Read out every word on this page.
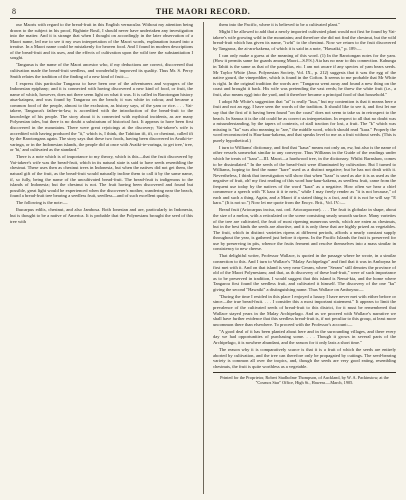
8	THE MAORI RECORD.

our Maoris with regard to the bread-fruit in this English vernacular. Without my attention being drawn to the subject in his proof, Bighinie Bosil, I should never have undertaken any investigation into the matter. And it is strange that when I thought on accordingly in the later observation of a Maori name, led me to see it my own interpretation of the Maori words, explanation issued into a treatise. In a Maori name could be mistakenly for heaven food. And I found in modern descriptions of the bread-fruit and its uses, and the effects of cultivation upon the wild tree the substantiation I sought.

'Tangarua is the name of the Maori ancestor who, if my deductions are correct, discovered that cultivation made the bread-fruit seedless, and wonderfully improved its quality. Thus Mr. S. Percy Smith relates the tradition of the finding of a new kind of fruit:—

I express this particular Tangaroa to have been one of the adventurers and voyagers of the Indonesian epiphany; and it is connected with having discovered a new kind of food, or fruit, the name of which, however, does not there seem light on what it was. It is called in Rarotongan history atua-kaiapea, and was found by Tangaroa on the beach; it was white in colour, and became a common food of the people, almost to the exclusion, as history says, of the yam or rice. . . . Vai-takere, Tangaroa's father-in-law, is accredited with the introduction of the bread-fruit to the knowledge of his people. The story about it is connected with mythical incidents, as are many Polynesian tales, but there is no doubt a substratum of historical fact. It appears to have been first discovered in the mountains. There were great rejoicings at the discovery; Vai-takere's wife is accredited with having produced the "ii," which is, I think, the Tahitian ifi, ifi, or chestnut, called ifi by the Rarotongans again. The story says that these two foods, having been discovered in Avaiki-te-varinga, or in the Indonesian islands, the people did at once with Avaiki-te-varinga, to get tree,' tree, or 'bi,' and cultivated as the standard."

There is a note which is of importance to my theory, which is this—that the fruit discovered by Vai-takere's wife was the bread-fruit, which in its natural state is said to have seeds resembling the chestnut. These uses then as chestnut trees in Indonesia, but when the natives did not get them, the natural gift of the fruit, as the bread-fruit would naturally incline them to call it by the same name, if, so fully, being the name of the uncultivated bread-fruit. The bread-fruit is indigenous to the islands of Indonesia; but the chestnut is not. The fruit having been discovered and found but possible, great light would be experienced when the discoverer's mother, wandering near the beach, found a bread-fruit tree bearing a seedless fruit, seedless—and of such excellent quality.

The following is the note:—

Ihucarpus edilis, chestnut, and also Jambosa. Both Ionesian and are, particularly in Indonesia, but is thought to be a native of America. It is probable that the Polynesians brought the seed of this tree with

them into the Pacific, where it is believed to be a cultivated plant."

Might I be allowed to add that a newly imported cultivated plant would not first be found by Vai-takere's wife growing wild in the mountains; and therefore she did not find the chestnut, but the wild bread-fruit which has given its name, "iwhi" to the chestnut. Now we return to the fruit discovered by Tangaroa, the ai-ara-kakena, of which it is said in a note, "Hawaiki," p. 189:—

I can only make a guess at the meaning of this word. (1) In the Rarotongan notes for the yam. (How it permits same for guards among Maori—S.P.S.) Aia has no near to this connection. Kahunga in Tahiti is the same as that of the pamplias, etc. I am not aware if any species of yam bears seeds. Mr Taylor White (Jour. Polynesian Society, Vol. IX., p. 212) suggests that it was the egg of the native gourd, the vinepeddier, which is found in the Cofton. It seems to me probable that Mr White is right. In the original tradition the words are: "Tangaroa went away and found a new thing on the coast and brought it back. His wife was pretending the vast reeds; he threw the white fruit (i.e., a fruit, also means egg) into the yard, and it therefore became a principal food of that household."

I adopt Mr White's suggestion that "ai" is really "kua," but my contention is that it means here a fruit and not an egg. I have seen the words of the tradition. It should like to see it, and first let me say that the first of it having been found "on the coast" does not seem to take us in retrospect to the beach. In Samoa it is the old could be as correct as interpretation. In respect to all that no doubt was a misunderstanding, by the tapers of contexts, of stall traction for lost, a fruit. The "k" which was missing is "ka" was also meaning to "are," the middle word, which should read "kara." Properly the word reconstructed is Hau-kaur-kakena, and that speaks level to me as a fruit without seeds. (This is purely hypothetical.)

I turn to Williams' dictionary, and find that "kaua" means not only an, ew, but also is the name of other vessels somewhat similar to any conveyor. Thus Williams in the Guide of the readings under which he treats of "kara"—III. Maori—a hardwood tree, in the dictionary. Whilst Barnshaw, comes to be dissimilated." In the seeds of the bread-fruit were illuminated by cultivation. But I turned to Williams, hoping to find the name "kare" used as a distinct negative; but he has not dealt with it. Nevertheless, I think that investigation will show that when "kara" is used as ake it is as used as the negative of fruit, oh! my first reading of this word hau-kaur-kakena, as seedless fruit, came from the frequent use today by the natives of the word "kara" as a negative. How often we hear a chief commence a speech with "E kara it it te nets," while I may freely render as "it is not because," of each and such a thing. Again, and a Maori if a stated thing is a fact, and if it is not he will say "E kara." (It is not so.") Now let me quote from the Encyc. Brit., Vol. IV.:—

Bread fruit (Artocarpus incisa, nat. ord. Artocarpaceae). . . . The fruit is globular in shape, about the size of a melon, with a reticulated or the scene consisting smaly smooth surface. Many varieties of the tree are cultivated, the fruit of most ripening numerous seeds, which are eaten as chestnuts, but in the best kinds the seeds are abortive, and it is only these that are highly prized as vegetables. The fruit, which in distinct varieties ripens at different periods, affords a nearly constant supply throughout the year, is gathered just before it ripens. In the Pacific Islands the fruit is preserved for use by preserving in pits, whence the fruits ferment and resolve themselves into a mass similar in consistency to new cheese.

That delightful writer, Professor Wallace, is quoted in the passage where he wrote, in a similar connection to this. And I turn to Wallace's "Malay Archipelago" and find that it was in Amboyna he first met with it. And on that island is very near Ceram, where "Seram" still denotes the province of old of the Maori Polynesians; and that, as th discovery of these bud-fruit," were of such importance as to be preserved in tradition, I would suggest that this island is Nenui-kia, and the home where Tangaroa first found the seedless fruit, and cultivated it himself. The discovery of the one "ku" giving the second "Hawaiki" a distinguishing name. Thus Wallace on Amboyna:—

"During the time I resided in this place I enjoyed a luxury I have never met with either before or since—the true bread-fruit. . . . I consider this a most important statement." It appears to limit the prevalence of the cultivated seeds of bread-fruit to this district, for it must be remembered that Wallace stayed years in the Malay Archipelago. And as we proceed with Wallace's narrative we shall have further evidence that this seedless bread-fruit is, if not peculiar to this group, at least more uncommon there than elsewhere. To proceed with the Professor's account:—

"A good deal of it has been planted about here and in the surrounding villages, and there every day we had opportunities of purchasing some. . . . Though it grows in several parts of the Archipelago, it is nowhere abundant, and the season for it only lasts a short time."

The reason why it is comparatively scarce is that it is a fruit of which the seeds are entirely aborted by cultivation, and the tree can therefore only be propagated by cuttings. The seed-bearing variety is common all over the tropics, and, though the seeds are very good eating, resembling chestnuts, the fruit is quite worthless as a vegetable.

Printed for the Proprietor, Robert Studholme Thompson, of Auckland, by W. A. Packinstow, at the "Cosmos Star" Office, High St., Hawera.—March, 1905.
